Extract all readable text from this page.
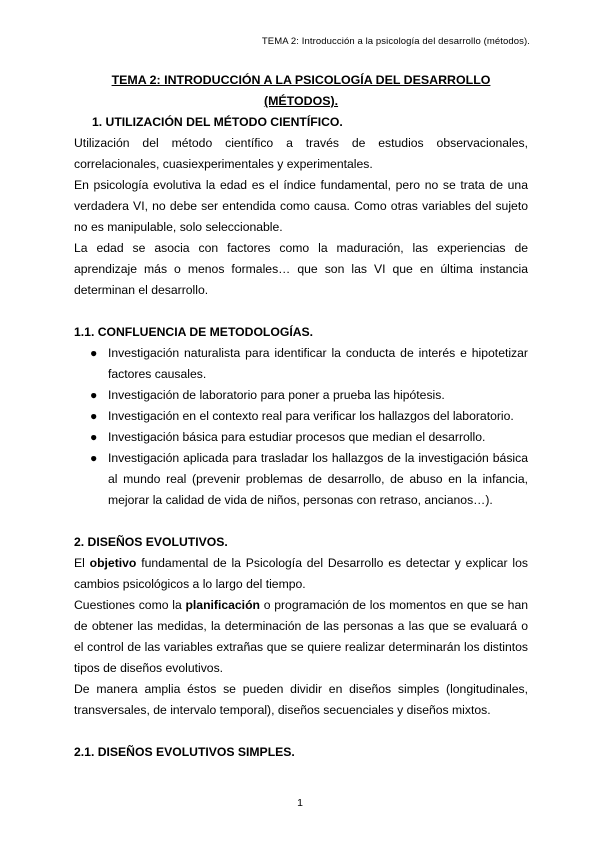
TEMA 2: Introducción a la psicología del desarrollo (métodos).
TEMA 2: INTRODUCCIÓN A LA PSICOLOGÍA DEL DESARROLLO (MÉTODOS).
1. UTILIZACIÓN DEL MÉTODO CIENTÍFICO.

Utilización del método científico a través de estudios observacionales, correlacionales, cuasiexperimentales y experimentales.

En psicología evolutiva la edad es el índice fundamental, pero no se trata de una verdadera VI, no debe ser entendida como causa. Como otras variables del sujeto no es manipulable, solo seleccionable.

La edad se asocia con factores como la maduración, las experiencias de aprendizaje más o menos formales… que son las VI que en última instancia determinan el desarrollo.

1.1. CONFLUENCIA DE METODOLOGÍAS.
● Investigación naturalista para identificar la conducta de interés e hipotetizar factores causales.
● Investigación de laboratorio para poner a prueba las hipótesis.
● Investigación en el contexto real para verificar los hallazgos del laboratorio.
● Investigación básica para estudiar procesos que median el desarrollo.
● Investigación aplicada para trasladar los hallazgos de la investigación básica al mundo real (prevenir problemas de desarrollo, de abuso en la infancia, mejorar la calidad de vida de niños, personas con retraso, ancianos…).
2. DISEÑOS EVOLUTIVOS.

El objetivo fundamental de la Psicología del Desarrollo es detectar y explicar los cambios psicológicos a lo largo del tiempo.

Cuestiones como la planificación o programación de los momentos en que se han de obtener las medidas, la determinación de las personas a las que se evaluará o el control de las variables extrañas que se quiere realizar determinarán los distintos tipos de diseños evolutivos.

De manera amplia éstos se pueden dividir en diseños simples (longitudinales, transversales, de intervalo temporal), diseños secuenciales y diseños mixtos.

2.1. DISEÑOS EVOLUTIVOS SIMPLES.
1
